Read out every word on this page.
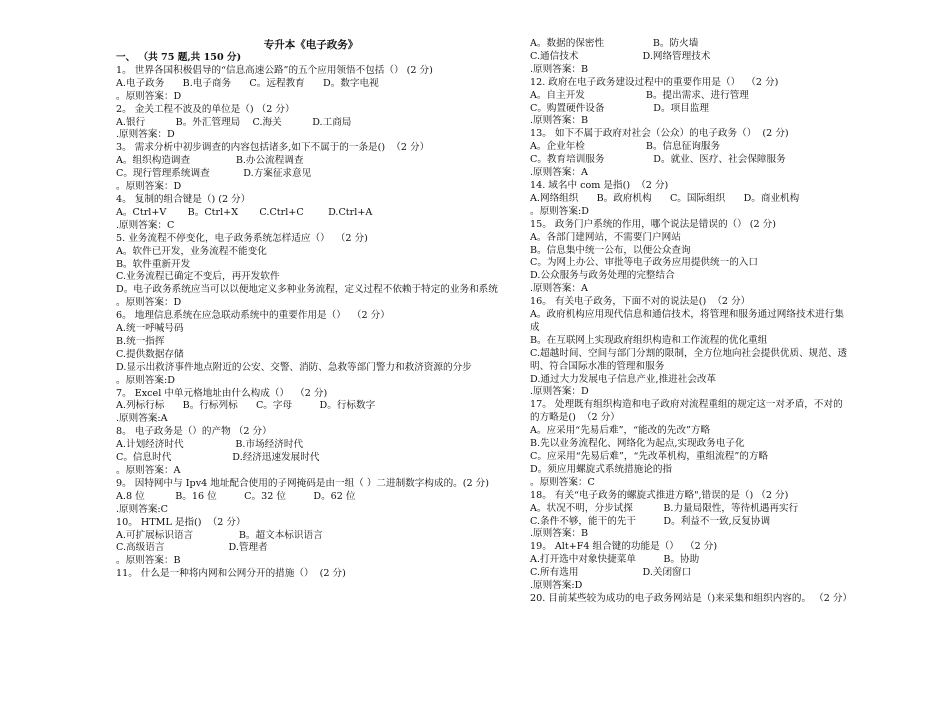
专升本《电子政务》
一、 （共 75 题,共 150 分)

1。 世界各国积极倡导的“信息高速公路”的五个应用领悟不包括（） (2 分)

A.电子政务      B.电子商务      C。远程教育      D。数字电视

。原则答案：D

2。 金关工程不波及的单位是（) （2 分）

A.银行          B。外汇管理局    C.海关          D.工商局

.原则答案：D

3。 需求分析中初步调查的内容包括诸多,如下不属于的一条是()  （2 分）

A。组织构造调查               B.办公流程调查

C。现行管理系统调查           D.方案征求意见

。原则答案：D

4。 复制的组合键是（) (2 分）

A。Ctrl+V       B。Ctrl+X       C.Ctrl+C        D.Ctrl+A

.原则答案：C

5. 业务流程不停变化，电子政务系统怎样适应（）  （2 分)

A。软件已开发，业务流程不能变化

B。软件重新开发

C.业务流程已确定不变后，再开发软件

D。电子政务系统应当可以以便地定义多种业务流程，定义过程不依赖于特定的业务和系统

。原则答案：D

6。 地理信息系统在应急联动系统中的重要作用是（）  （2 分）

A.统一呼喊号码

B.统一指挥

C.提供数据存储

D.显示出救济事件地点附近的公安、交警、消防、急救等部门警力和救济资源的分步

。原则答案:D

7。 Excel 中单元格地址由什么构成（）  （2 分)

A.列标行标      B。行标列标      C。字母         D。行标数字

.原则答案:A

8。 电子政务是（）的产物 （2 分）

A.计划经济时代                 B.市场经济时代

C。信息时代                    D.经济迅速发展时代

。原则答案：A

9。 因特网中与 Ipv4 地址配合使用的子网掩码是由一组（ ）二进制数字构成的。(2 分)

A.8 位          B。16 位         C。32 位         D。62 位

.原则答案:C

10。 HTML 是指()  （2 分）

A.可扩展标识语言               B。超文本标识语言

C.高级语言                     D.管理者

。原则答案：B

11。 什么是一种将内网和公网分开的措施（）  (2 分)

A。数据的保密性                B。防火墙

C.通信技术                     D.网络管理技术

.原则答案：B

12. 政府在电子政务建设过程中的重要作用是（）  （2 分)

A。自主开发                    B。提出需求、进行管理

C。购置硬件设备                D。项目监理

.原则答案：B

13。 如下不属于政府对社会（公众）的电子政务（）  (2 分)

A。企业年检                    B。信息征询服务

C。教育培训服务                D。就业、医疗、社会保障服务

.原则答案：A

14. 域名中 com 是指()  （2 分)

A.网络组织      B。政府机构      C。国际组织      D。商业机构

。原则答案:D

15。 政务门户系统的作用，哪个说法是错误的（） (2 分)

A。各部门建网站，不需要门户网站

B。信息集中统一公布，以便公众查询

C。为网上办公、审批等电子政务应用提供统一的入口

D.公众服务与政务处理的完整结合

.原则答案：A

16。 有关电子政务，下面不对的说法是()  （2 分）

A。政府机构应用现代信息和通信技术，将管理和服务通过网络技术进行集成

B。在互联网上实现政府组织构造和工作流程的优化重组

C.超越时间、空间与部门分割的限制，全方位地向社会提供优质、规范、透明、符合国际水准的管理和服务

D.通过大力发展电子信息产业,推进社会改革

.原则答案：D

17。 处理既有组织构造和电子政府对流程重组的规定这一对矛盾，不对的的方略是()  （2 分）

A。应采用“先易后难”，“能改的先改”方略

B.先以业务流程化、网络化为起点,实现政务电子化

C。应采用“先易后难”，“先改革机构，重组流程”的方略

D。须应用螺旋式系统措施论的指

。原则答案：C

18。 有关“电子政务的螺旋式推进方略",错误的是（) （2 分)

A。状况不明，分步试探          B.力量局限性，等待机遇再实行

C.条件不够，能干的先干         D。利益不一致,反复协调

.原则答案：B

19。 Alt+F4 组合键的功能是（）  （2 分)

A.打开选中对象快捷菜单         B。协助

C.所有选用                     D.关闭窗口

.原则答案:D

20. 目前某些较为成功的电子政务网站是（)来采集和组织内容的。 （2 分）
